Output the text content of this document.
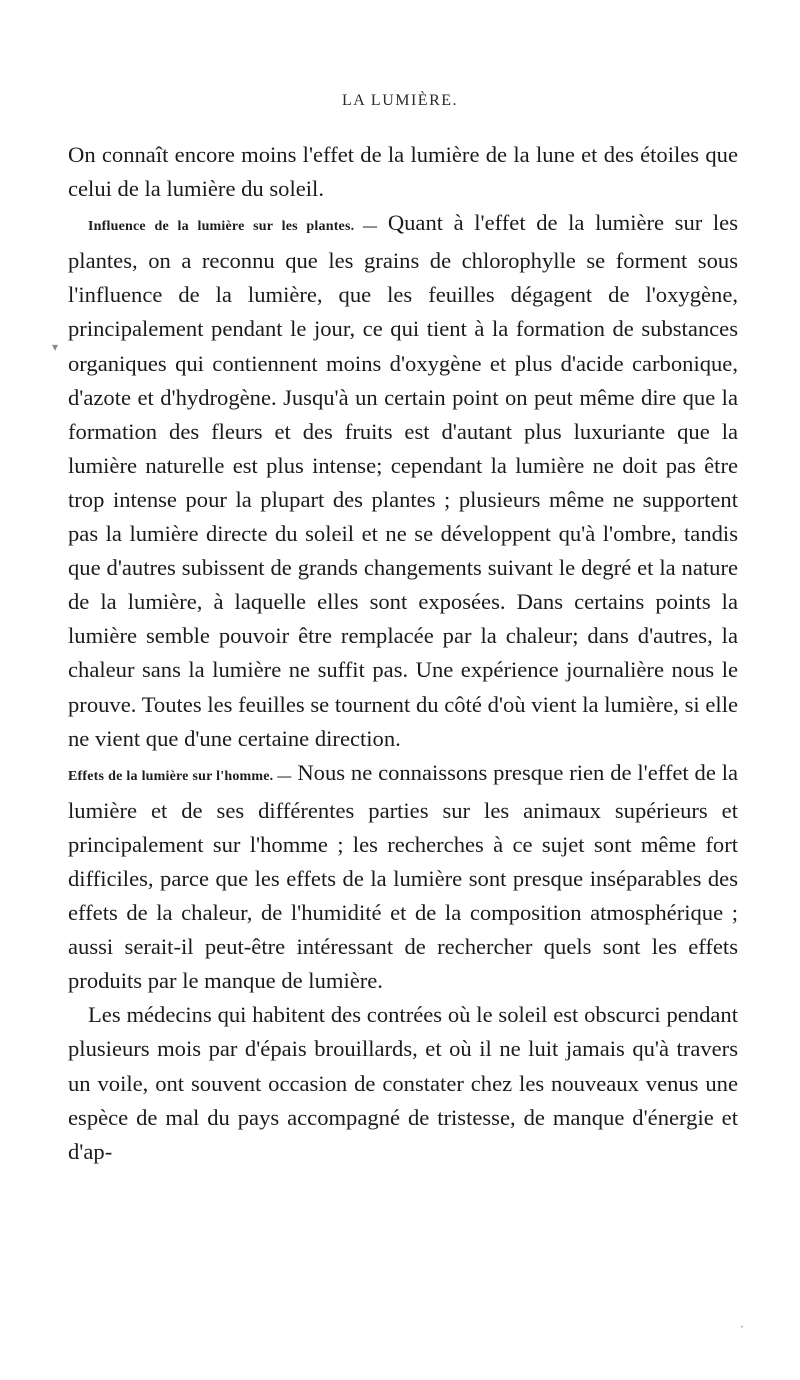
LA LUMIÈRE.

On connaît encore moins l'effet de la lumière de la lune et des étoiles que celui de la lumière du soleil.

Influence de la lumière sur les plantes. — Quant à l'effet de la lumière sur les plantes, on a reconnu que les grains de chlorophylle se forment sous l'influence de la lumière, que les feuilles dégagent de l'oxygène, principalement pendant le jour, ce qui tient à la formation de substances organiques qui contiennent moins d'oxygène et plus d'acide carbonique, d'azote et d'hydrogène. Jusqu'à un certain point on peut même dire que la formation des fleurs et des fruits est d'autant plus luxuriante que la lumière naturelle est plus intense; cependant la lumière ne doit pas être trop intense pour la plupart des plantes ; plusieurs même ne supportent pas la lumière directe du soleil et ne se développent qu'à l'ombre, tandis que d'autres subissent de grands changements suivant le degré et la nature de la lumière, à laquelle elles sont exposées. Dans certains points la lumière semble pouvoir être remplacée par la chaleur; dans d'autres, la chaleur sans la lumière ne suffit pas. Une expérience journalière nous le prouve. Toutes les feuilles se tournent du côté d'où vient la lumière, si elle ne vient que d'une certaine direction.

Effets de la lumière sur l'homme. — Nous ne connaissons presque rien de l'effet de la lumière et de ses différentes parties sur les animaux supérieurs et principalement sur l'homme ; les recherches à ce sujet sont même fort difficiles, parce que les effets de la lumière sont presque inséparables des effets de la chaleur, de l'humidité et de la composition atmosphérique ; aussi serait-il peut-être intéressant de rechercher quels sont les effets produits par le manque de lumière.

Les médecins qui habitent des contrées où le soleil est obscurci pendant plusieurs mois par d'épais brouillards, et où il ne luit jamais qu'à travers un voile, ont souvent occasion de constater chez les nouveaux venus une espèce de mal du pays accompagné de tristesse, de manque d'énergie et d'ap-

▾
·
